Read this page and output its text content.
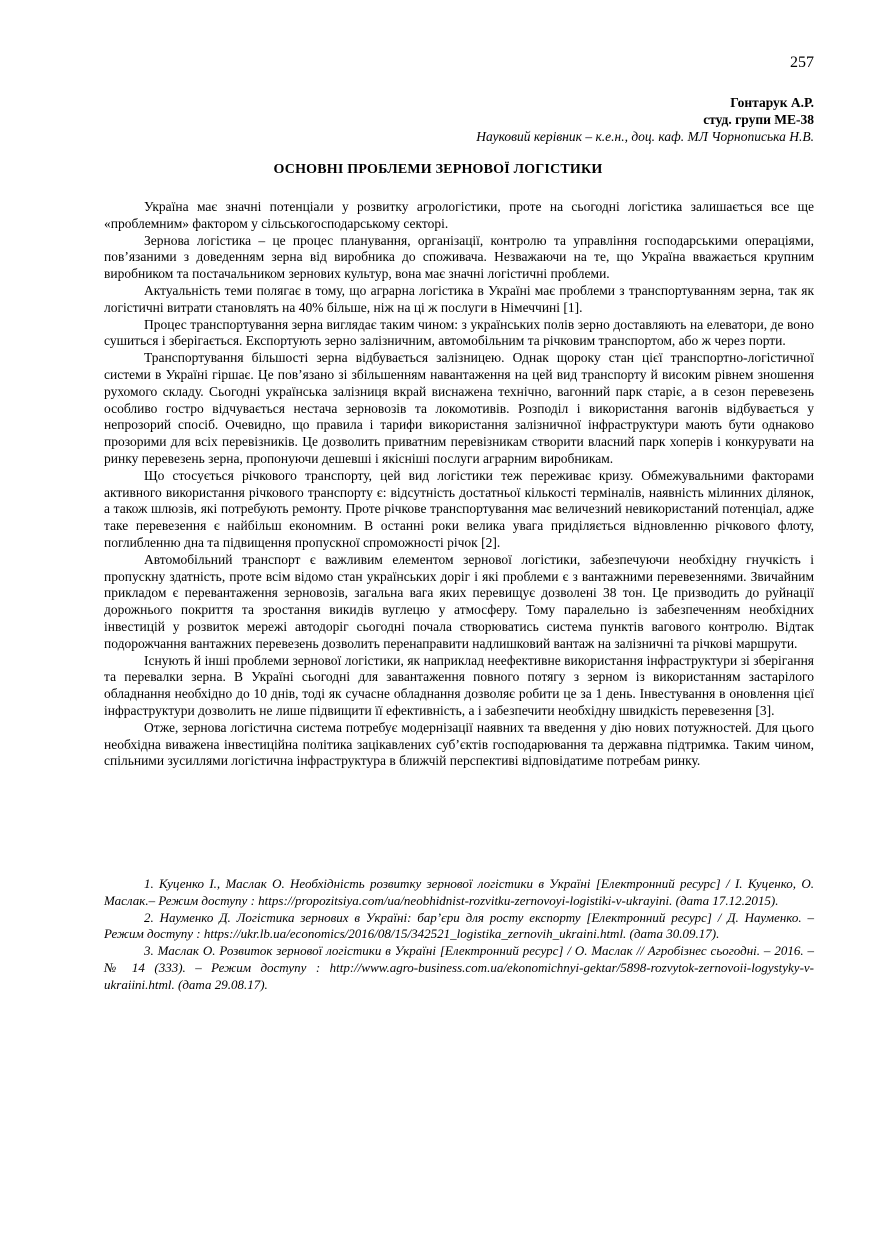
257
Гонтарук А.Р.
студ. групи МЕ-38
Науковий керівник – к.е.н., доц. каф. МЛ Чорнописька Н.В.
ОСНОВНІ ПРОБЛЕМИ ЗЕРНОВОЇ ЛОГІСТИКИ

Україна має значні потенціали у розвитку агрологістики, проте на сьогодні логістика залишається все ще «проблемним» фактором у сільськогосподарському секторі.

Зернова логістика – це процес планування, організації, контролю та управління господарськими операціями, пов’язаними з доведенням зерна від виробника до споживача. Незважаючи на те, що Україна вважається крупним виробником та постачальником зернових культур, вона має значні логістичні проблеми.

Актуальність теми полягає в тому, що аграрна логістика в Україні має проблеми з транспортуванням зерна, так як логістичні витрати становлять на 40% більше, ніж на ці ж послуги в Німеччині [1].

Процес транспортування зерна виглядає таким чином: з українських полів зерно доставляють на елеватори, де воно сушиться і зберігається. Експортують зерно залізничним, автомобільним та річковим транспортом, або ж через порти.

Транспортування більшості зерна відбувається залізницею. Однак щороку стан цієї транспортно-логістичної системи в Україні гіршає. Це пов’язано зі збільшенням навантаження на цей вид транспорту й високим рівнем зношення рухомого складу. Сьогодні українська залізниця вкрай виснажена технічно, вагонний парк старіє, а в сезон перевезень особливо гостро відчувається нестача зерновозів та локомотивів. Розподіл і використання вагонів відбувається у непрозорий спосіб. Очевидно, що правила і тарифи використання залізничної інфраструктури мають бути однаково прозорими для всіх перевізників. Це дозволить приватним перевізникам створити власний парк хоперів і конкурувати на ринку перевезень зерна, пропонуючи дешевші і якісніші послуги аграрним виробникам.

Що стосується річкового транспорту, цей вид логістики теж переживає кризу. Обмежувальними факторами активного використання річкового транспорту є: відсутність достатньої кількості терміналів, наявність мілинних ділянок, а також шлюзів, які потребують ремонту. Проте річкове транспортування має величезний невикористаний потенціал, адже таке перевезення є найбільш економним. В останні роки велика увага приділяється відновленню річкового флоту, поглибленню дна та підвищення пропускної спроможності річок [2].

Автомобільний транспорт є важливим елементом зернової логістики, забезпечуючи необхідну гнучкість і пропускну здатність, проте всім відомо стан українських доріг і які проблеми є з вантажними перевезеннями. Звичайним прикладом є перевантаження зерновозів, загальна вага яких перевищує дозволені 38 тон. Це призводить до руйнації дорожнього покриття та зростання викидів вуглецю у атмосферу. Тому паралельно із забезпеченням необхідних інвестицій у розвиток мережі автодоріг сьогодні почала створюватись система пунктів вагового контролю. Відтак подорожчання вантажних перевезень дозволить перенаправити надлишковий вантаж на залізничні та річкові маршрути.

Існують й інші проблеми зернової логістики, як наприклад неефективне використання інфраструктури зі зберігання та перевалки зерна. В Україні сьогодні для завантаження повного потягу з зерном із використанням застарілого обладнання необхідно до 10 днів, тоді як сучасне обладнання дозволяє робити це за 1 день. Інвестування в оновлення цієї інфраструктури дозволить не лише підвищити її ефективність, а і забезпечити необхідну швидкість перевезення [3].

Отже, зернова логістична система потребує модернізації наявних та введення у дію нових потужностей. Для цього необхідна виважена інвестиційна політика зацікавлених суб’єктів господарювання та державна підтримка. Таким чином, спільними зусиллями логістична інфраструктура в ближчій перспективі відповідатиме потребам ринку.

1. Куценко І., Маслак О. Необхідність розвитку зернової логістики в Україні [Електронний ресурс] / І. Куценко, О. Маслак.– Режим доступу : https://propozitsiya.com/ua/neobhidnist-rozvitku-zernovoyi-logistiki-v-ukrayini. (дата 17.12.2015).

2. Науменко Д. Логістика зернових в Україні: бар’єри для росту експорту [Електронний ресурс] / Д. Науменко. – Режим доступу : https://ukr.lb.ua/economics/2016/08/15/342521_logistika_zernovih_ukraini.html. (дата 30.09.17).

3. Маслак О. Розвиток зернової логістики в Україні [Електронний ресурс] / О. Маслак // Агробізнес сьогодні. – 2016. – № 14 (333). – Режим доступу : http://www.agro-business.com.ua/ekonomichnyi-gektar/5898-rozvytok-zernovoii-logystyky-v-ukraiini.html. (дата 29.08.17).
